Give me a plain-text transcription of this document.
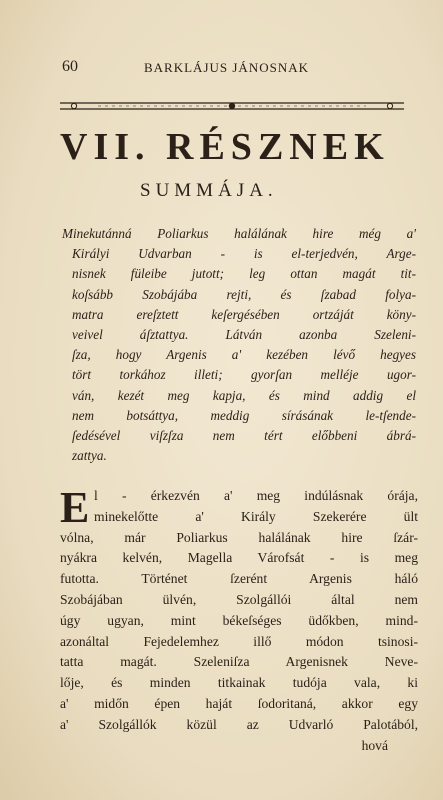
60	BARKLÁJUS JÁNOSNAK
VII. RÉSZNEK
SUMMÁJA.
Minekutánná Poliarkus halálának hire még a'
Királyi Udvarban - is el-terjedvén, Arge-
nisnek füleibe jutott; leg ottan magát tit-
koſsább Szobájába rejti, és ſzabad folya-
matra ereſztett keſergésében ortzáját köny-
veivel áſztattya. Látván azonba Szeleni-
ſza, hogy Argenis a' kezében lévő hegyes
tört torkához illeti; gyorſan melléje ugor-
ván, kezét meg kapja, és mind addig el
nem botsáttya, meddig sírásának le-tſende-
ſedésével viſzſza nem tért előbbeni ábrá-
zattya.
E l - érkezvén a' meg indúlásnak órája,
minekelőtte a' Király Szekerére ült
vólna, már Poliarkus halálának hire ſzár-
nyákra kelvén, Magella Várofsát - is meg
futotta. Történet ſzerént Argenis háló
Szobájában ülvén, Szolgállói által nem
úgy ugyan, mint békeſséges üdőkben, mind-
azonáltal Fejedelemhez illő módon tsinosi-
tatta magát. Szeleniſza Argenisnek Neve-
lője, és minden titkainak tudója vala, ki
a' midőn épen haját ſodoritaná, akkor egy
a' Szolgállók közül az Udvarló Palotából,
hová
